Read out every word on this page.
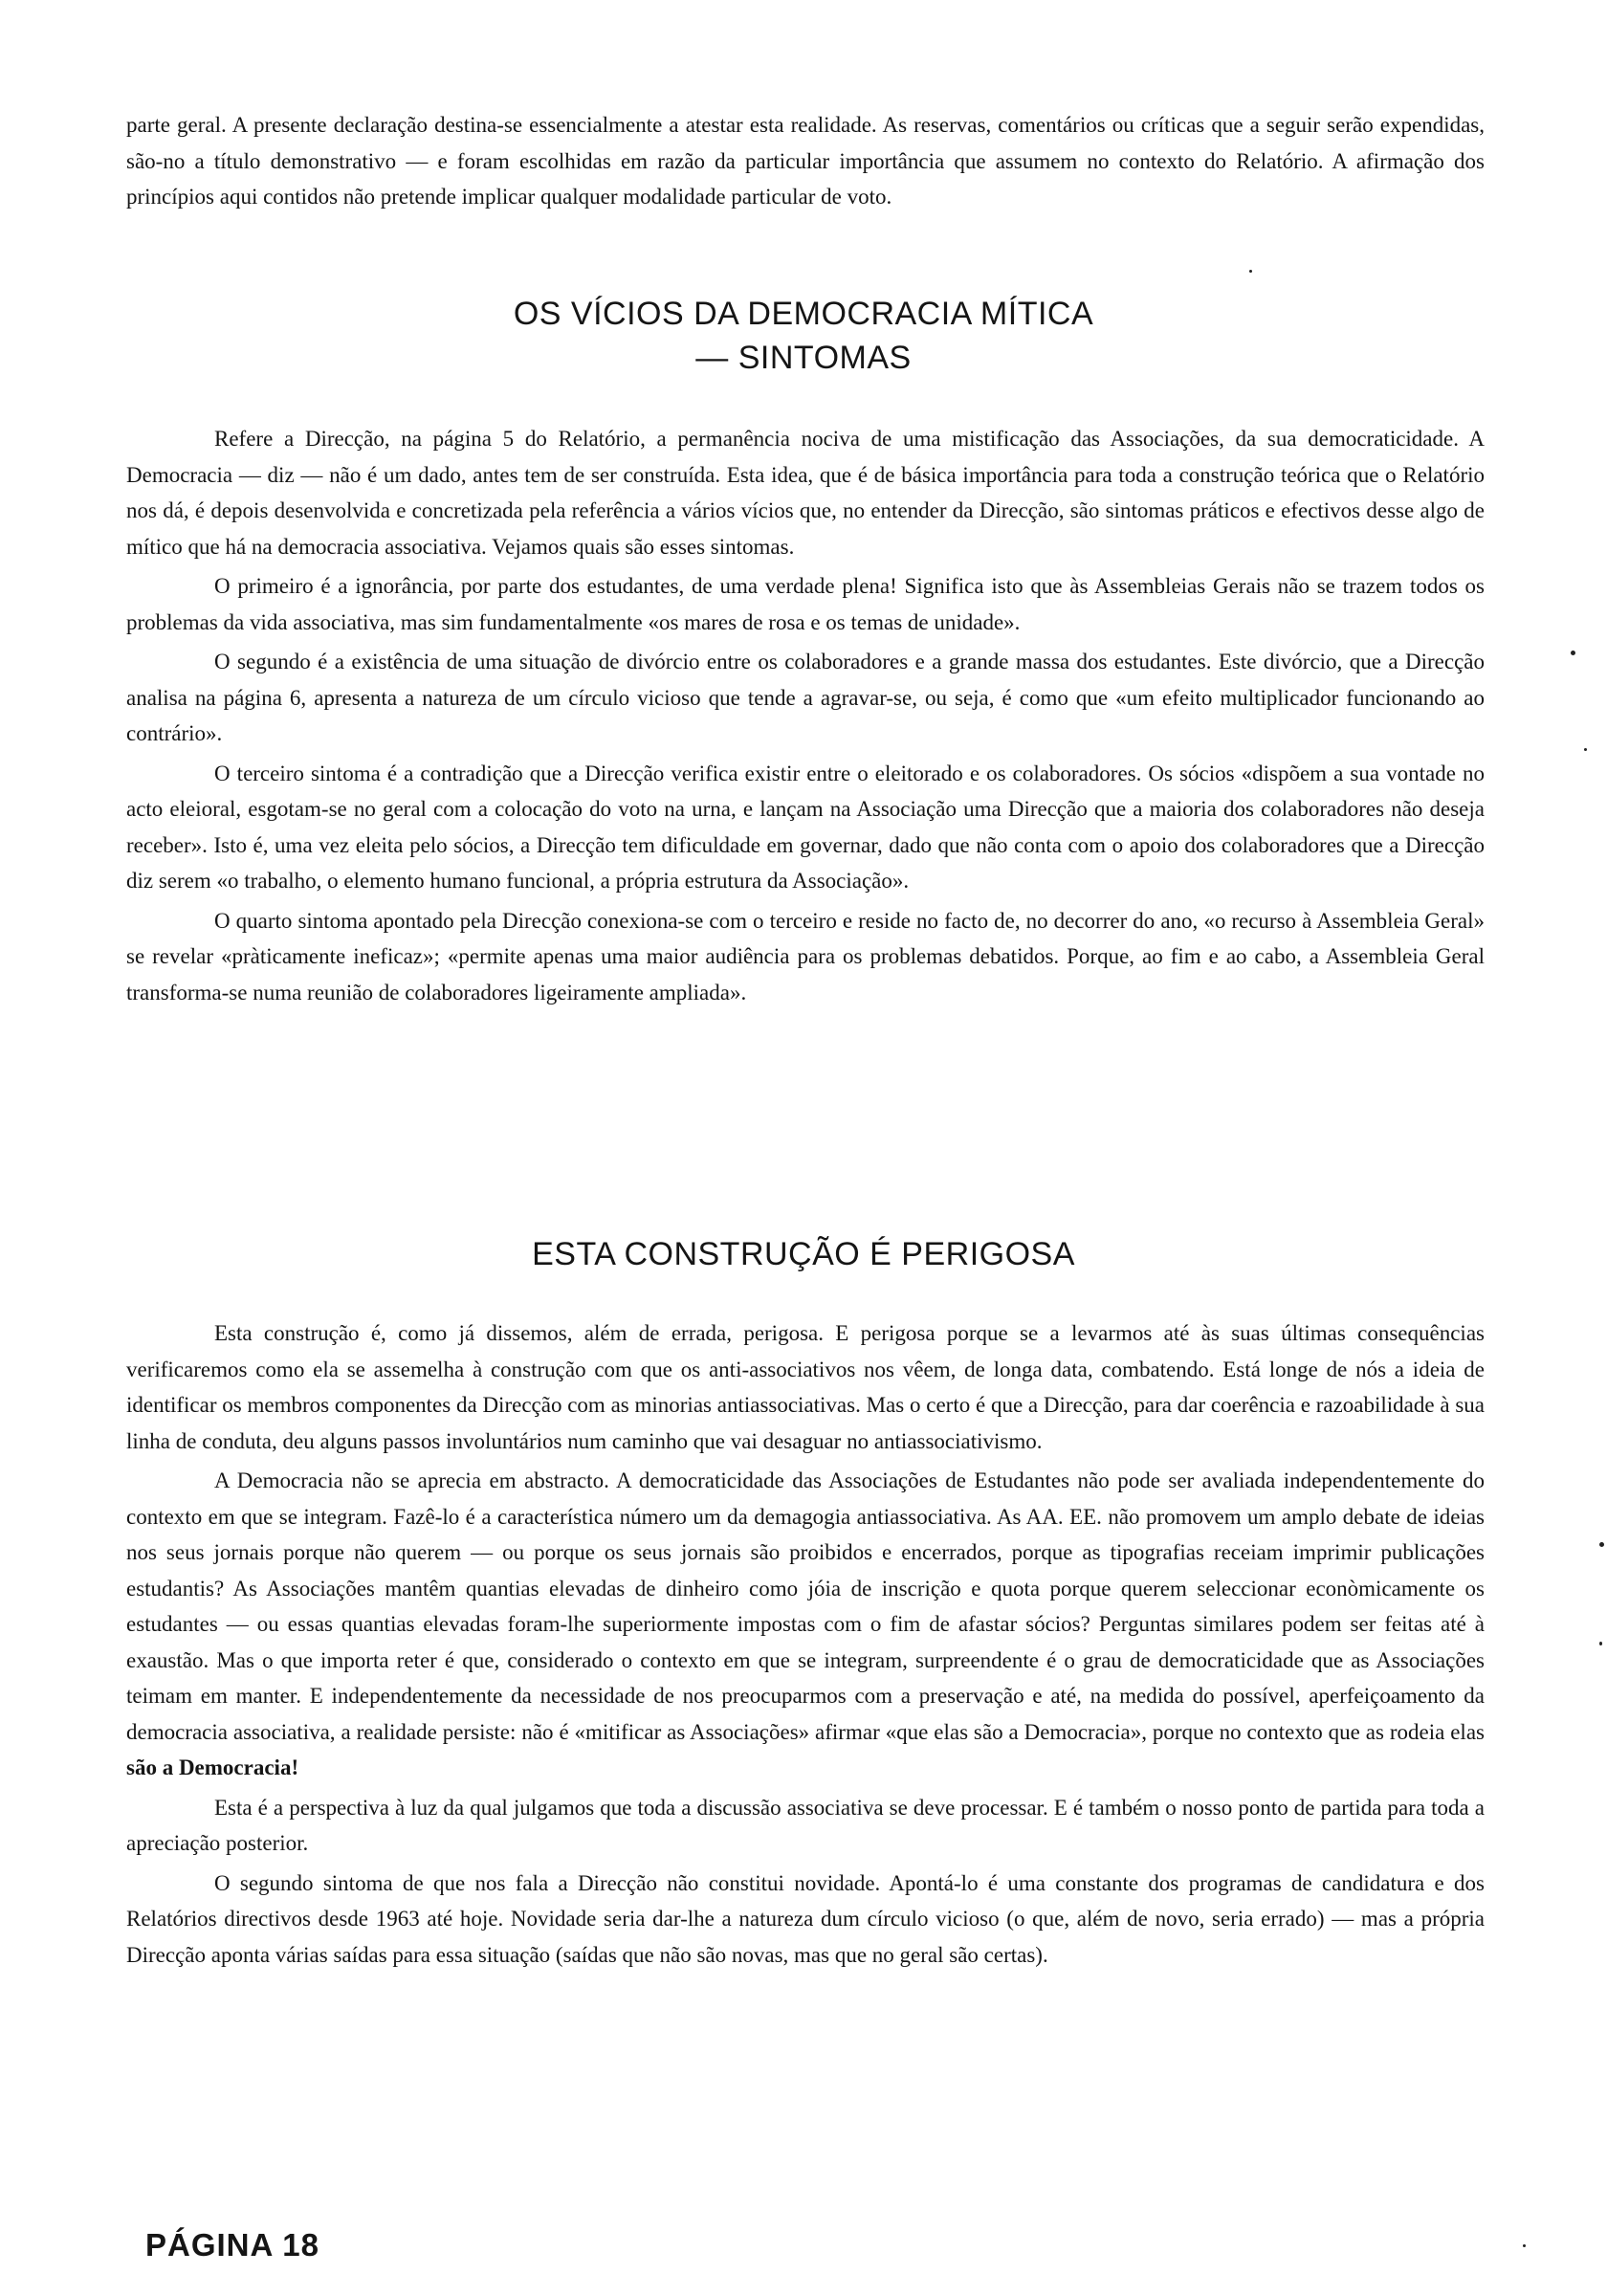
parte geral. A presente declaração destina-se essencialmente a atestar esta realidade. As reservas, comentários ou críticas que a seguir serão expendidas, são-no a título demonstrativo — e foram escolhidas em razão da particular importância que assumem no contexto do Relatório. A afirmação dos princípios aqui contidos não pretende implicar qualquer modalidade particular de voto.

OS VÍCIOS DA DEMOCRACIA MÍTICA
— SINTOMAS

Refere a Direcção, na página 5 do Relatório, a permanência nociva de uma mistificação das Associações, da sua democraticidade. A Democracia — diz — não é um dado, antes tem de ser construída. Esta idea, que é de básica importância para toda a construção teórica que o Relatório nos dá, é depois desenvolvida e concretizada pela referência a vários vícios que, no entender da Direcção, são sintomas práticos e efectivos desse algo de mítico que há na democracia associativa. Vejamos quais são esses sintomas.

O primeiro é a ignorância, por parte dos estudantes, de uma verdade plena! Significa isto que às Assembleias Gerais não se trazem todos os problemas da vida associativa, mas sim fundamentalmente «os mares de rosa e os temas de unidade».

O segundo é a existência de uma situação de divórcio entre os colaboradores e a grande massa dos estudantes. Este divórcio, que a Direcção analisa na página 6, apresenta a natureza de um círculo vicioso que tende a agravar-se, ou seja, é como que «um efeito multiplicador funcionando ao contrário».

O terceiro sintoma é a contradição que a Direcção verifica existir entre o eleitorado e os colaboradores. Os sócios «dispõem a sua vontade no acto eleioral, esgotam-se no geral com a colocação do voto na urna, e lançam na Associação uma Direcção que a maioria dos colaboradores não deseja receber». Isto é, uma vez eleita pelo sócios, a Direcção tem dificuldade em governar, dado que não conta com o apoio dos colaboradores que a Direcção diz serem «o trabalho, o elemento humano funcional, a própria estrutura da Associação».

O quarto sintoma apontado pela Direcção conexiona-se com o terceiro e reside no facto de, no decorrer do ano, «o recurso à Assembleia Geral» se revelar «pràticamente ineficaz»; «permite apenas uma maior audiência para os problemas debatidos. Porque, ao fim e ao cabo, a Assembleia Geral transforma-se numa reunião de colaboradores ligeiramente ampliada».

ESTA CONSTRUÇÃO É PERIGOSA

Esta construção é, como já dissemos, além de errada, perigosa. E perigosa porque se a levarmos até às suas últimas consequências verificaremos como ela se assemelha à construção com que os anti-associativos nos vêem, de longa data, combatendo. Está longe de nós a ideia de identificar os membros componentes da Direcção com as minorias antiassociativas. Mas o certo é que a Direcção, para dar coerência e razoabilidade à sua linha de conduta, deu alguns passos involuntários num caminho que vai desaguar no antiassociativismo.

A Democracia não se aprecia em abstracto. A democraticidade das Associações de Estudantes não pode ser avaliada independentemente do contexto em que se integram. Fazê-lo é a característica número um da demagogia antiassociativa. As AA. EE. não promovem um amplo debate de ideias nos seus jornais porque não querem — ou porque os seus jornais são proibidos e encerrados, porque as tipografias receiam imprimir publicações estudantis? As Associações mantêm quantias elevadas de dinheiro como jóia de inscrição e quota porque querem seleccionar econòmicamente os estudantes — ou essas quantias elevadas foram-lhe superiormente impostas com o fim de afastar sócios? Perguntas similares podem ser feitas até à exaustão. Mas o que importa reter é que, considerado o contexto em que se integram, surpreendente é o grau de democraticidade que as Associações teimam em manter. E independentemente da necessidade de nos preocuparmos com a preservação e até, na medida do possível, aperfeiçoamento da democracia associativa, a realidade persiste: não é «mitificar as Associações» afirmar «que elas são a Democracia», porque no contexto que as rodeia elas são a Democracia!

Esta é a perspectiva à luz da qual julgamos que toda a discussão associativa se deve processar. E é também o nosso ponto de partida para toda a apreciação posterior.

O segundo sintoma de que nos fala a Direcção não constitui novidade. Apontá-lo é uma constante dos programas de candidatura e dos Relatórios directivos desde 1963 até hoje. Novidade seria dar-lhe a natureza dum círculo vicioso (o que, além de novo, seria errado) — mas a própria Direcção aponta várias saídas para essa situação (saídas que não são novas, mas que no geral são certas).

PÁGINA 18
